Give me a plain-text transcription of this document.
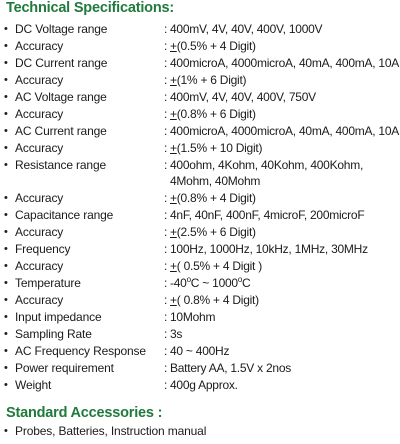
Technical Specifications:
• DC Voltage range	: 400mV, 4V, 40V, 400V, 1000V
• Accuracy	: +(0.5% + 4 Digit)
• DC Current range	: 400microA, 4000microA, 40mA, 400mA, 10A
• Accuracy	: +(1% + 6 Digit)
• AC Voltage range	: 400mV, 4V, 40V, 400V, 750V
• Accuracy	: +(0.8% + 6 Digit)
• AC Current range	: 400microA, 4000microA, 40mA, 400mA, 10A
• Accuracy	: +(1.5% + 10 Digit)
• Resistance range	: 400ohm, 4Kohm, 40Kohm, 400Kohm,
4Mohm, 40Mohm
• Accuracy	: +(0.8% + 4 Digit)
• Capacitance range	: 4nF, 40nF, 400nF, 4microF, 200microF
• Accuracy	: +(2.5% + 6 Digit)
• Frequency	: 100Hz, 1000Hz, 10kHz, 1MHz, 30MHz
• Accuracy	: +( 0.5% + 4 Digit )
• Temperature	: -40$^o$C ~ 1000$^o$C
• Accuracy	: +( 0.8% + 4 Digit)
• Input impedance	: 10Mohm
• Sampling Rate	: 3s
• AC Frequency Response : 40 ~ 400Hz
• Power requirement	: Battery AA, 1.5V x 2nos
• Weight	: 400g Approx.
Standard Accessories :
• Probes, Batteries, Instruction manual
